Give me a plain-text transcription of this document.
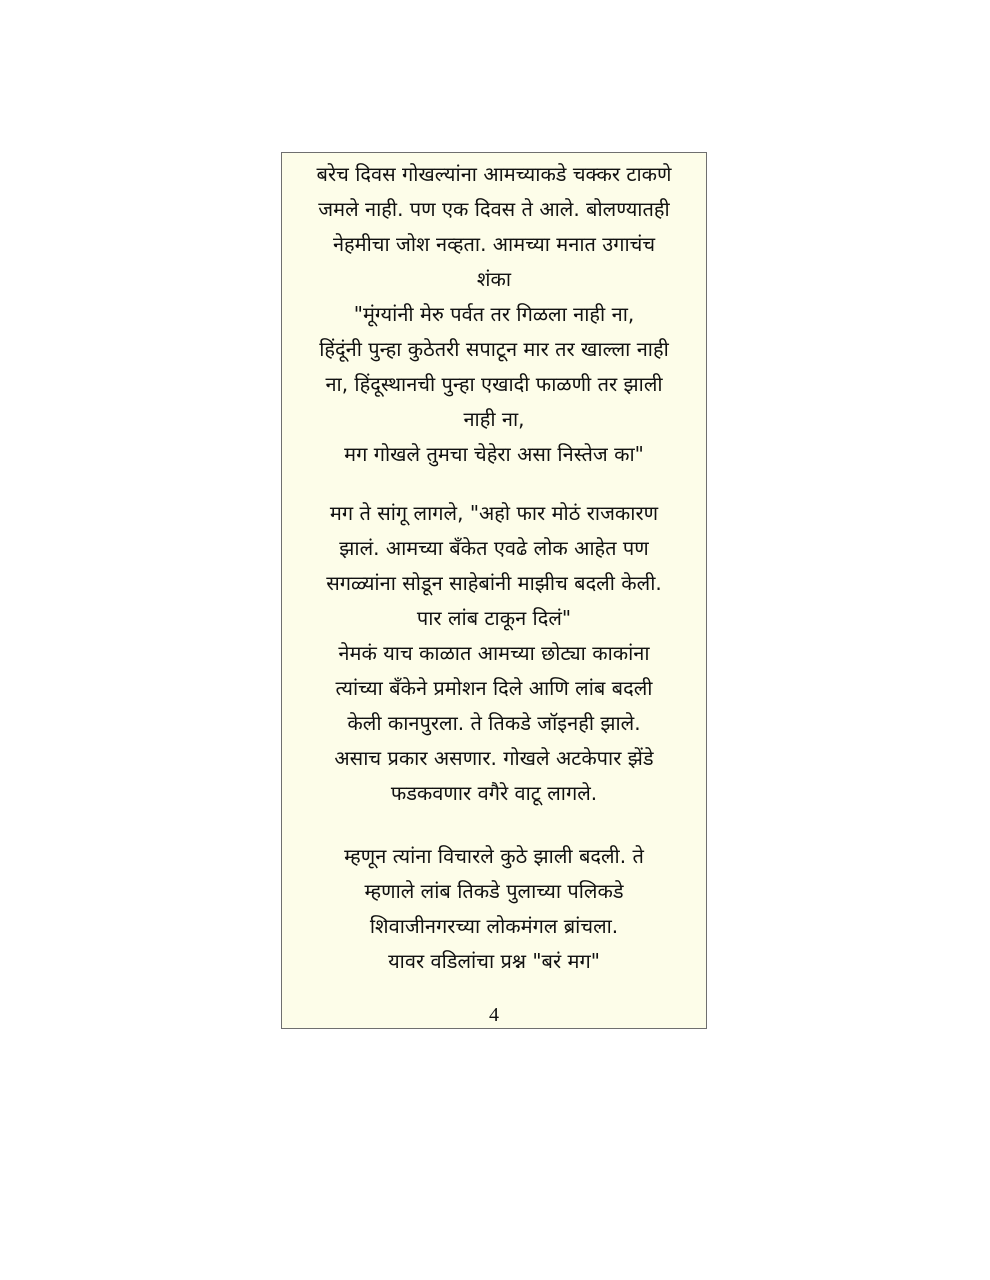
बरेच दिवस गोखल्यांना आमच्याकडे चक्कर टाकणे
जमले नाही. पण एक दिवस ते आले. बोलण्यातही
नेहमीचा जोश नव्हता. आमच्या मनात उगाचंच
शंका
"मूंग्यांनी मेरु पर्वत तर गिळला नाही ना,
हिंदूंनी पुन्हा कुठेतरी सपाटून मार तर खाल्ला नाही
ना, हिंदूस्थानची पुन्हा एखादी फाळणी तर झाली
नाही ना,
मग गोखले तुमचा चेहेरा असा निस्तेज का"
मग ते सांगू लागले, "अहो फार मोठं राजकारण
झालं. आमच्या बँकेत एवढे लोक आहेत पण
सगळ्यांना सोडून साहेबांनी माझीच बदली केली.
पार लांब टाकून दिलं"
नेमकं याच काळात आमच्या छोट्या काकांना
त्यांच्या बँकेने प्रमोशन दिले आणि लांब बदली
केली कानपुरला. ते तिकडे जॉइनही झाले.
असाच प्रकार असणार. गोखले अटकेपार झेंडे
फडकवणार वगैरे वाटू लागले.
म्हणून त्यांना विचारले कुठे झाली बदली. ते
म्हणाले लांब तिकडे पुलाच्या पलिकडे
शिवाजीनगरच्या लोकमंगल ब्रांचला.
यावर वडिलांचा प्रश्न "बरं मग"
4
